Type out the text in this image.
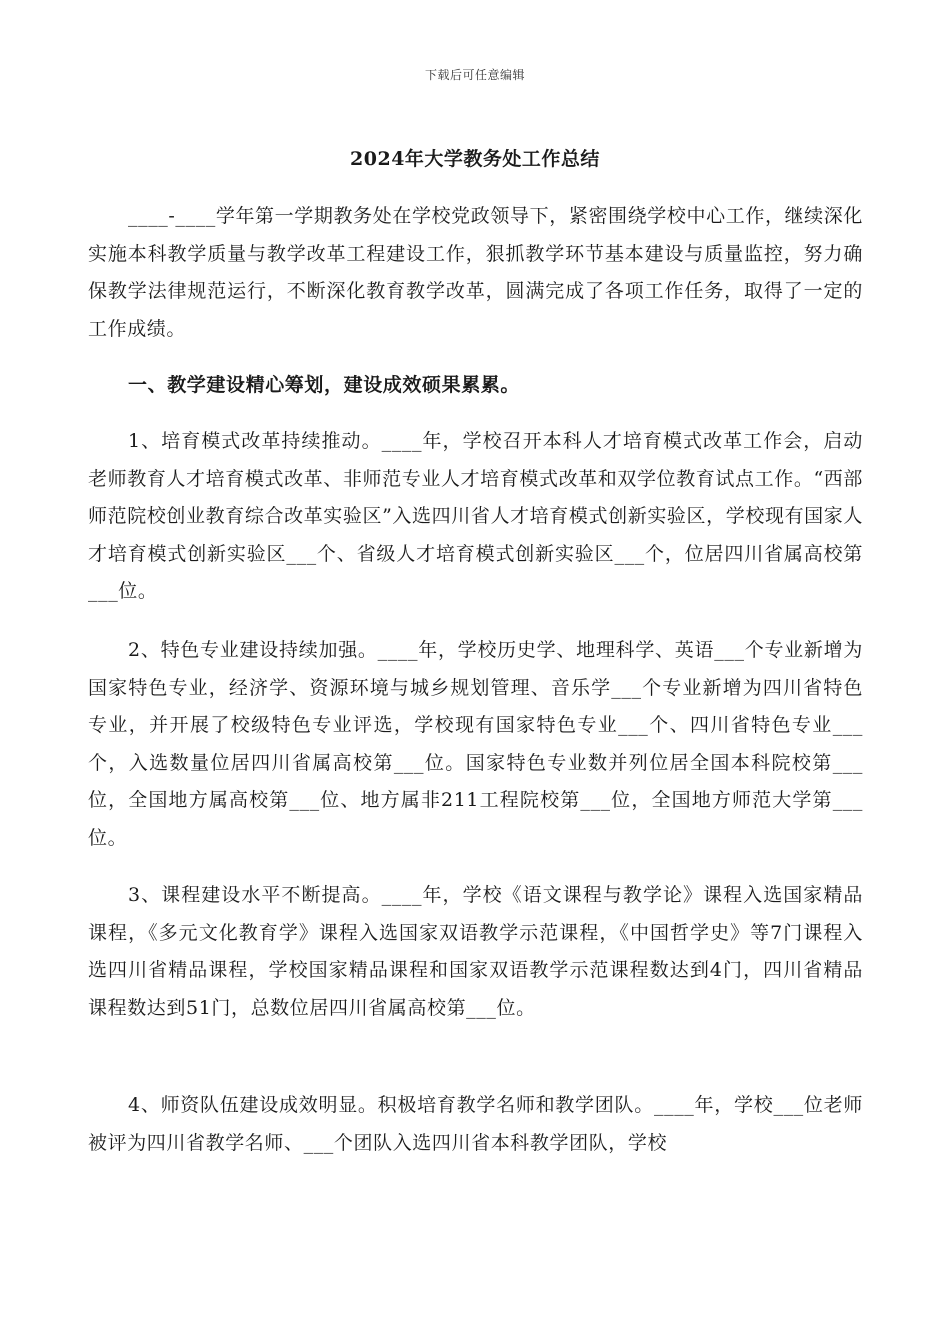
下载后可任意编辑
2024年大学教务处工作总结

____-____学年第一学期教务处在学校党政领导下，紧密围绕学校中心工作，继续深化实施本科教学质量与教学改革工程建设工作，狠抓教学环节基本建设与质量监控，努力确保教学法律规范运行，不断深化教育教学改革，圆满完成了各项工作任务，取得了一定的工作成绩。

一、教学建设精心筹划，建设成效硕果累累。

1、培育模式改革持续推动。____年，学校召开本科人才培育模式改革工作会，启动老师教育人才培育模式改革、非师范专业人才培育模式改革和双学位教育试点工作。“西部师范院校创业教育综合改革实验区”入选四川省人才培育模式创新实验区，学校现有国家人才培育模式创新实验区___个、省级人才培育模式创新实验区___个，位居四川省属高校第___位。

2、特色专业建设持续加强。____年，学校历史学、地理科学、英语___个专业新增为国家特色专业，经济学、资源环境与城乡规划管理、音乐学___个专业新增为四川省特色专业，并开展了校级特色专业评选，学校现有国家特色专业___个、四川省特色专业___个，入选数量位居四川省属高校第___位。国家特色专业数并列位居全国本科院校第___位，全国地方属高校第___位、地方属非211工程院校第___位，全国地方师范大学第___位。

3、课程建设水平不断提高。____年，学校《语文课程与教学论》课程入选国家精品课程，《多元文化教育学》课程入选国家双语教学示范课程，《中国哲学史》等7门课程入选四川省精品课程，学校国家精品课程和国家双语教学示范课程数达到4门，四川省精品课程数达到51门，总数位居四川省属高校第___位。

4、师资队伍建设成效明显。积极培育教学名师和教学团队。____年，学校___位老师被评为四川省教学名师、___个团队入选四川省本科教学团队，学校
